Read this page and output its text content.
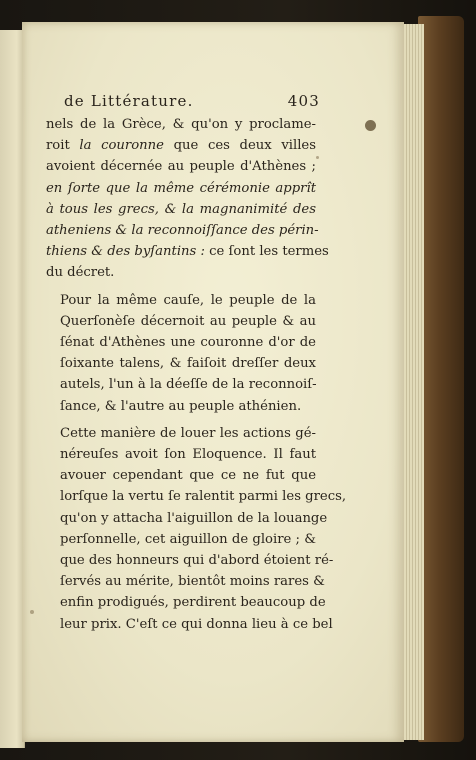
de Littérature.	403
nels de la Grèce, & qu'on y proclame-
roit la couronne que ces deux villes
avoient décernée au peuple d'Athènes ;
en ſorte que la même cérémonie apprît
à tous les grecs, & la magnanimité des
atheniens & la reconnoiſſance des périn-
thiens & des byſantins : ce ſont les termes
du décret.
Pour la même cauſe, le peuple de la
Querſonèſe décernoit au peuple & au
ſénat d'Athènes une couronne d'or de
ſoixante talens, & faiſoit dreſſer deux
autels, l'un à la déeſſe de la reconnoiſ-
ſance, & l'autre au peuple athénien.
Cette manière de louer les actions gé-
néreuſes avoit ſon Eloquence. Il faut
avouer cependant que ce ne fut que
lorſque la vertu ſe ralentit parmi les grecs,
qu'on y attacha l'aiguillon de la louange
perſonnelle, cet aiguillon de gloire ; &
que des honneurs qui d'abord étoient ré-
ſervés au mérite, bientôt moins rares &
enfin prodigués, perdirent beaucoup de
leur prix. C'eſt ce qui donna lieu à ce bel
